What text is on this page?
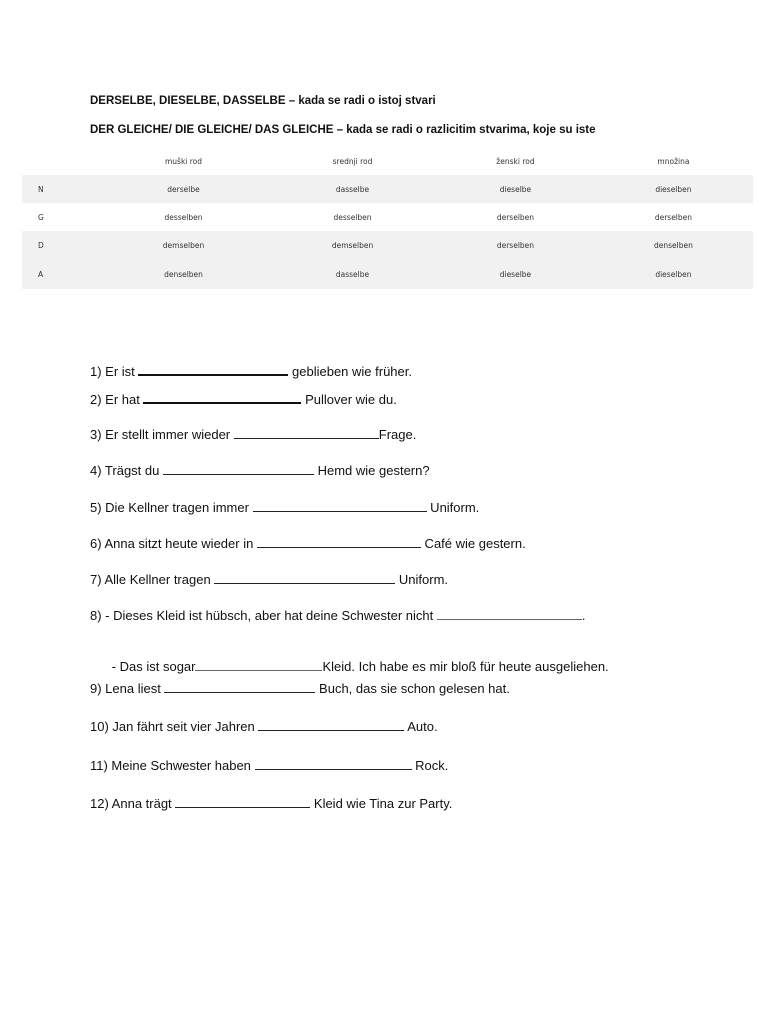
DERSELBE, DIESELBE, DASSELBE – kada se radi o istoj stvari
DER GLEICHE/ DIE GLEICHE/ DAS GLEICHE – kada se radi o razlicitim stvarima, koje su iste
	muški rod	srednji rod	ženski rod	množina
N	derselbe	dasselbe	dieselbe	dieselben
G	desselben	desselben	derselben	derselben
D	demselben	demselben	derselben	denselben
A	denselben	dasselbe	dieselbe	dieselben
1) Er ist	geblieben wie früher.
2) Er hat	Pullover wie du.
3) Er stellt immer wieder	Frage.
4) Trägst du	Hemd wie gestern?
5) Die Kellner tragen immer	Uniform.
6) Anna sitzt heute wieder in	Café wie gestern.
7) Alle Kellner tragen	Uniform.
8) - Dieses Kleid ist hübsch, aber hat deine Schwester nicht	.

- Das ist sogar	Kleid. Ich habe es mir bloß für heute ausgeliehen.

9) Lena liest	Buch, das sie schon gelesen hat.
10) Jan fährt seit vier Jahren	Auto.
11) Meine Schwester haben	Rock.
12) Anna trägt	Kleid wie Tina zur Party.
